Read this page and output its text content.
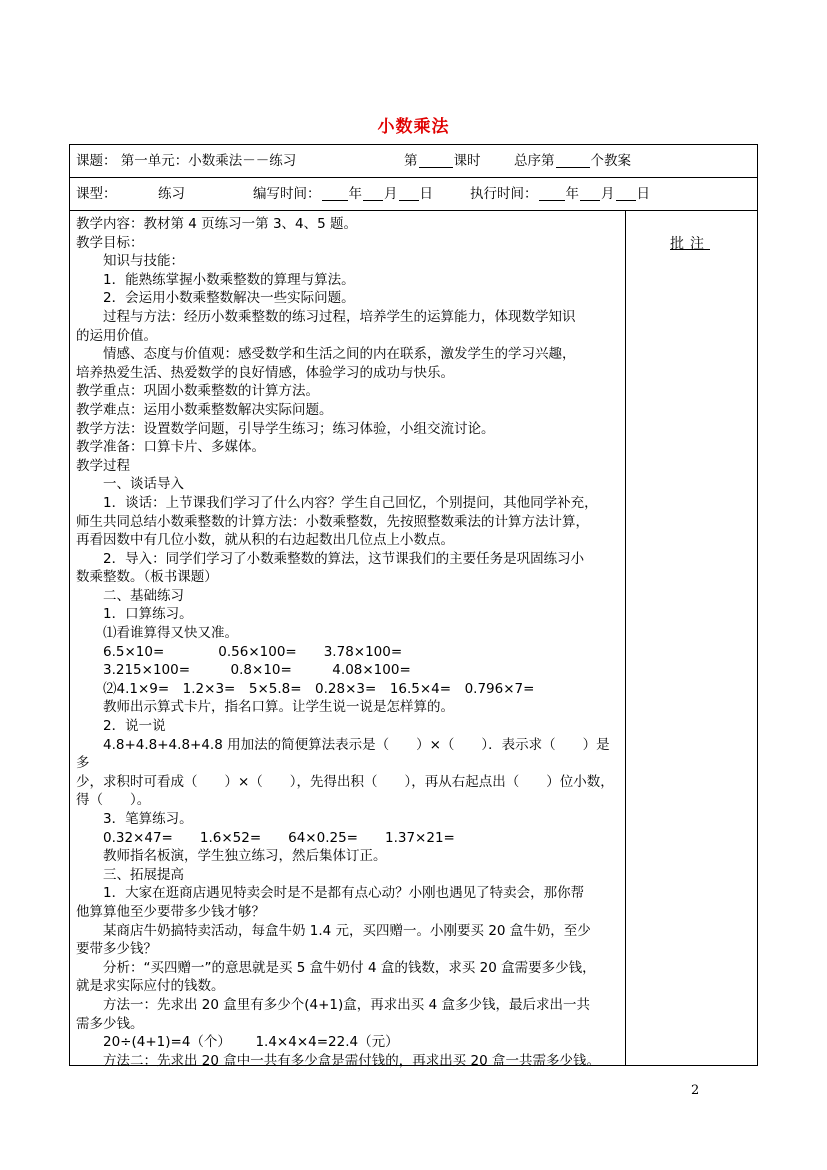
小数乘法
课题： 第一单元：小数乘法－－练习	第	课时 总序第	个教案
课型：	练习	编写时间： 年 月 日	执行时间： 年 月 日

教学内容：教材第 4 页练习一第 3、4、5 题。

教学目标：

知识与技能：

1．能熟练掌握小数乘整数的算理与算法。

2．会运用小数乘整数解决一些实际问题。

过程与方法：经历小数乘整数的练习过程，培养学生的运算能力，体现数学知识

的运用价值。

情感、态度与价值观：感受数学和生活之间的内在联系，激发学生的学习兴趣，

培养热爱生活、热爱数学的良好情感，体验学习的成功与快乐。

教学重点：巩固小数乘整数的计算方法。

教学难点：运用小数乘整数解决实际问题。

教学方法：设置数学问题，引导学生练习；练习体验，小组交流讨论。

教学准备：口算卡片、多媒体。

教学过程

一、谈话导入

1．谈话：上节课我们学习了什么内容？学生自己回忆，个别提问，其他同学补充，

师生共同总结小数乘整数的计算方法：小数乘整数，先按照整数乘法的计算方法计算，

再看因数中有几位小数，就从积的右边起数出几位点上小数点。

2．导入：同学们学习了小数乘整数的算法，这节课我们的主要任务是巩固练习小

数乘整数。（板书课题）

二、基础练习

1．口算练习。

⑴看谁算得又快又准。

6.5×10=　　　　0.56×100=　　3.78×100=

3.215×100=　　　0.8×10=　　　4.08×100=

⑵4.1×9=　1.2×3=　5×5.8=　0.28×3=　16.5×4=　0.796×7=

教师出示算式卡片，指名口算。让学生说一说是怎样算的。

2．说一说

4.8+4.8+4.8+4.8 用加法的简便算法表示是（　　）×（　　）．表示求（　　）是多

少，求积时可看成（　　）×（　　），先得出积（　　），再从右起点出（　　）位小数，

得（　　）。

3．笔算练习。

0.32×47=　　1.6×52=　　64×0.25=　　1.37×21=

教师指名板演，学生独立练习，然后集体订正。

三、拓展提高

1．大家在逛商店遇见特卖会时是不是都有点心动？小刚也遇见了特卖会，那你帮

他算算他至少要带多少钱才够？

某商店牛奶搞特卖活动，每盒牛奶 1.4 元，买四赠一。小刚要买 20 盒牛奶，至少

要带多少钱？

分析：“买四赠一”的意思就是买 5 盒牛奶付 4 盒的钱数，求买 20 盒需要多少钱，

就是求实际应付的钱数。

方法一：先求出 20 盒里有多少个(4+1)盒，再求出买 4 盒多少钱，最后求出一共

需多少钱。

20÷(4+1)=4（个）　　 1.4×4×4=22.4（元）

方法二：先求出 20 盒中一共有多少盒是需付钱的，再求出买 20 盒一共需多少钱。

批注
2
